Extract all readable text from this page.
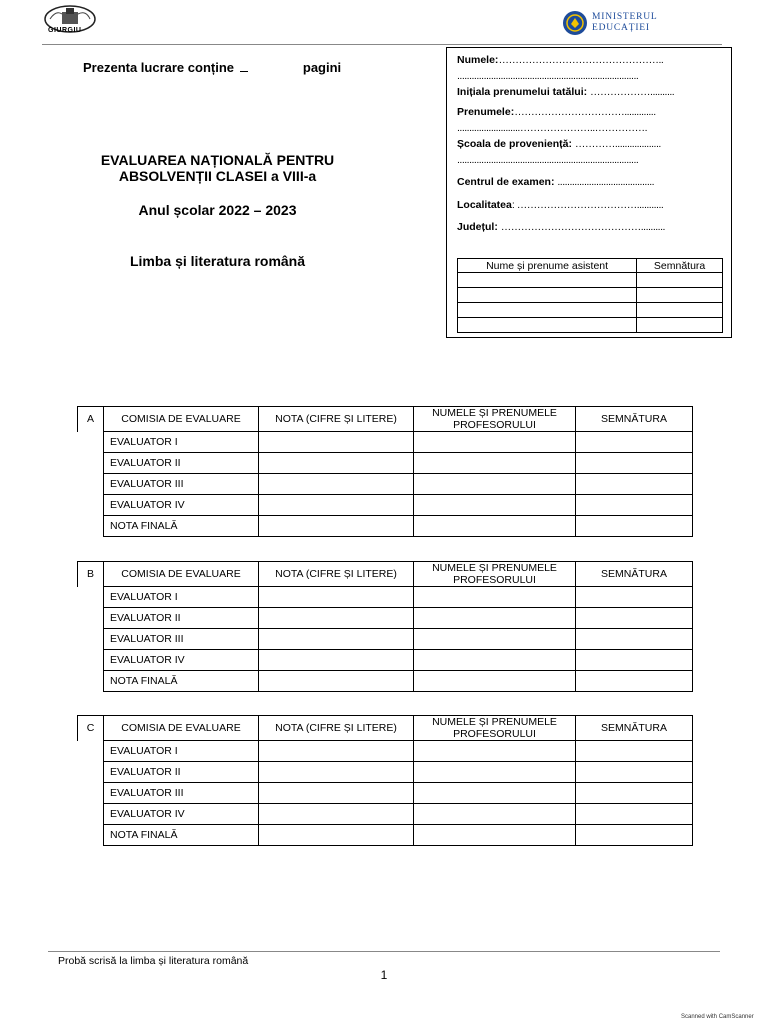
GIURGIU
MINISTERUL
EDUCAȚIEI
Prezenta lucrare conține	pagini
EVALUAREA NAȚIONALĂ PENTRU
ABSOLVENȚII CLASEI a VIII-a
Anul școlar 2022 – 2023
Limba și literatura română
Numele:…………………………………………..
...........................................................................
Inițiala prenumelui tatălui: ………………..........
Prenumele:…………………………….............
..........................…………………..…………….
Școala de proveniență: …………...................
...........................................................................
Centrul de examen: ........................................
Localitatea: ………………………………...........
Județul: ……………………………………..........
Nume și prenume asistent	Semnătura

A	COMISIA DE EVALUARE	NOTA (CIFRE ȘI LITERE)	NUMELE ȘI PRENUMELE PROFESORULUI	SEMNĂTURA
	EVALUATOR I			
	EVALUATOR II			
	EVALUATOR III			
	EVALUATOR IV			
	NOTA FINALĂ			
B	COMISIA DE EVALUARE	NOTA (CIFRE ȘI LITERE)	NUMELE ȘI PRENUMELE PROFESORULUI	SEMNĂTURA
	EVALUATOR I			
	EVALUATOR II			
	EVALUATOR III			
	EVALUATOR IV			
	NOTA FINALĂ			
C	COMISIA DE EVALUARE	NOTA (CIFRE ȘI LITERE)	NUMELE ȘI PRENUMELE PROFESORULUI	SEMNĂTURA
	EVALUATOR I			
	EVALUATOR II			
	EVALUATOR III			
	EVALUATOR IV			
	NOTA FINALĂ			
Probă scrisă la limba și literatura română
1
Scanned with CamScanner
